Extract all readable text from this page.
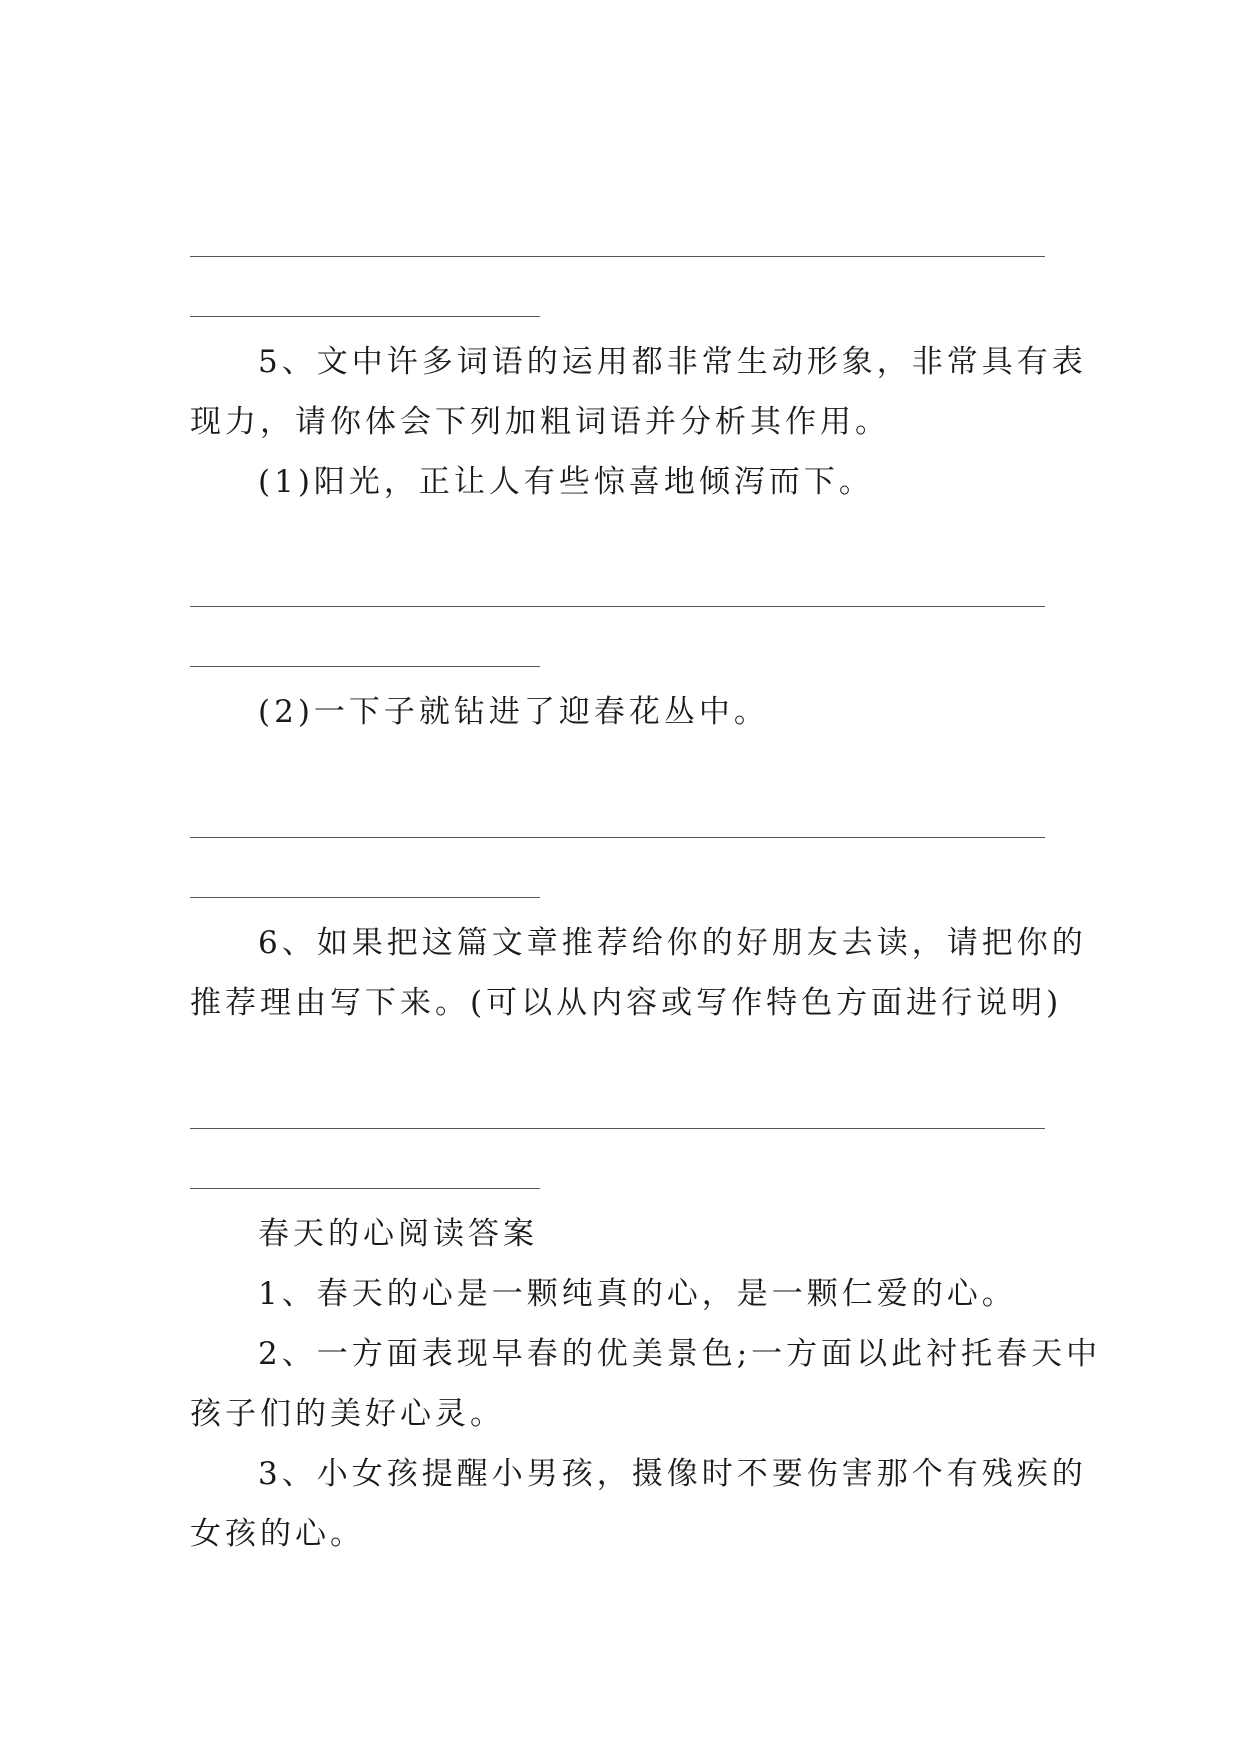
5、文中许多词语的运用都非常生动形象，非常具有表
现力，请你体会下列加粗词语并分析其作用。
(1)阳光，正让人有些惊喜地倾泻而下。
(2)一下子就钻进了迎春花丛中。
6、如果把这篇文章推荐给你的好朋友去读，请把你的
推荐理由写下来。(可以从内容或写作特色方面进行说明)
春天的心阅读答案
1、春天的心是一颗纯真的心，是一颗仁爱的心。
2、一方面表现早春的优美景色;一方面以此衬托春天中
孩子们的美好心灵。
3、小女孩提醒小男孩，摄像时不要伤害那个有残疾的
女孩的心。
